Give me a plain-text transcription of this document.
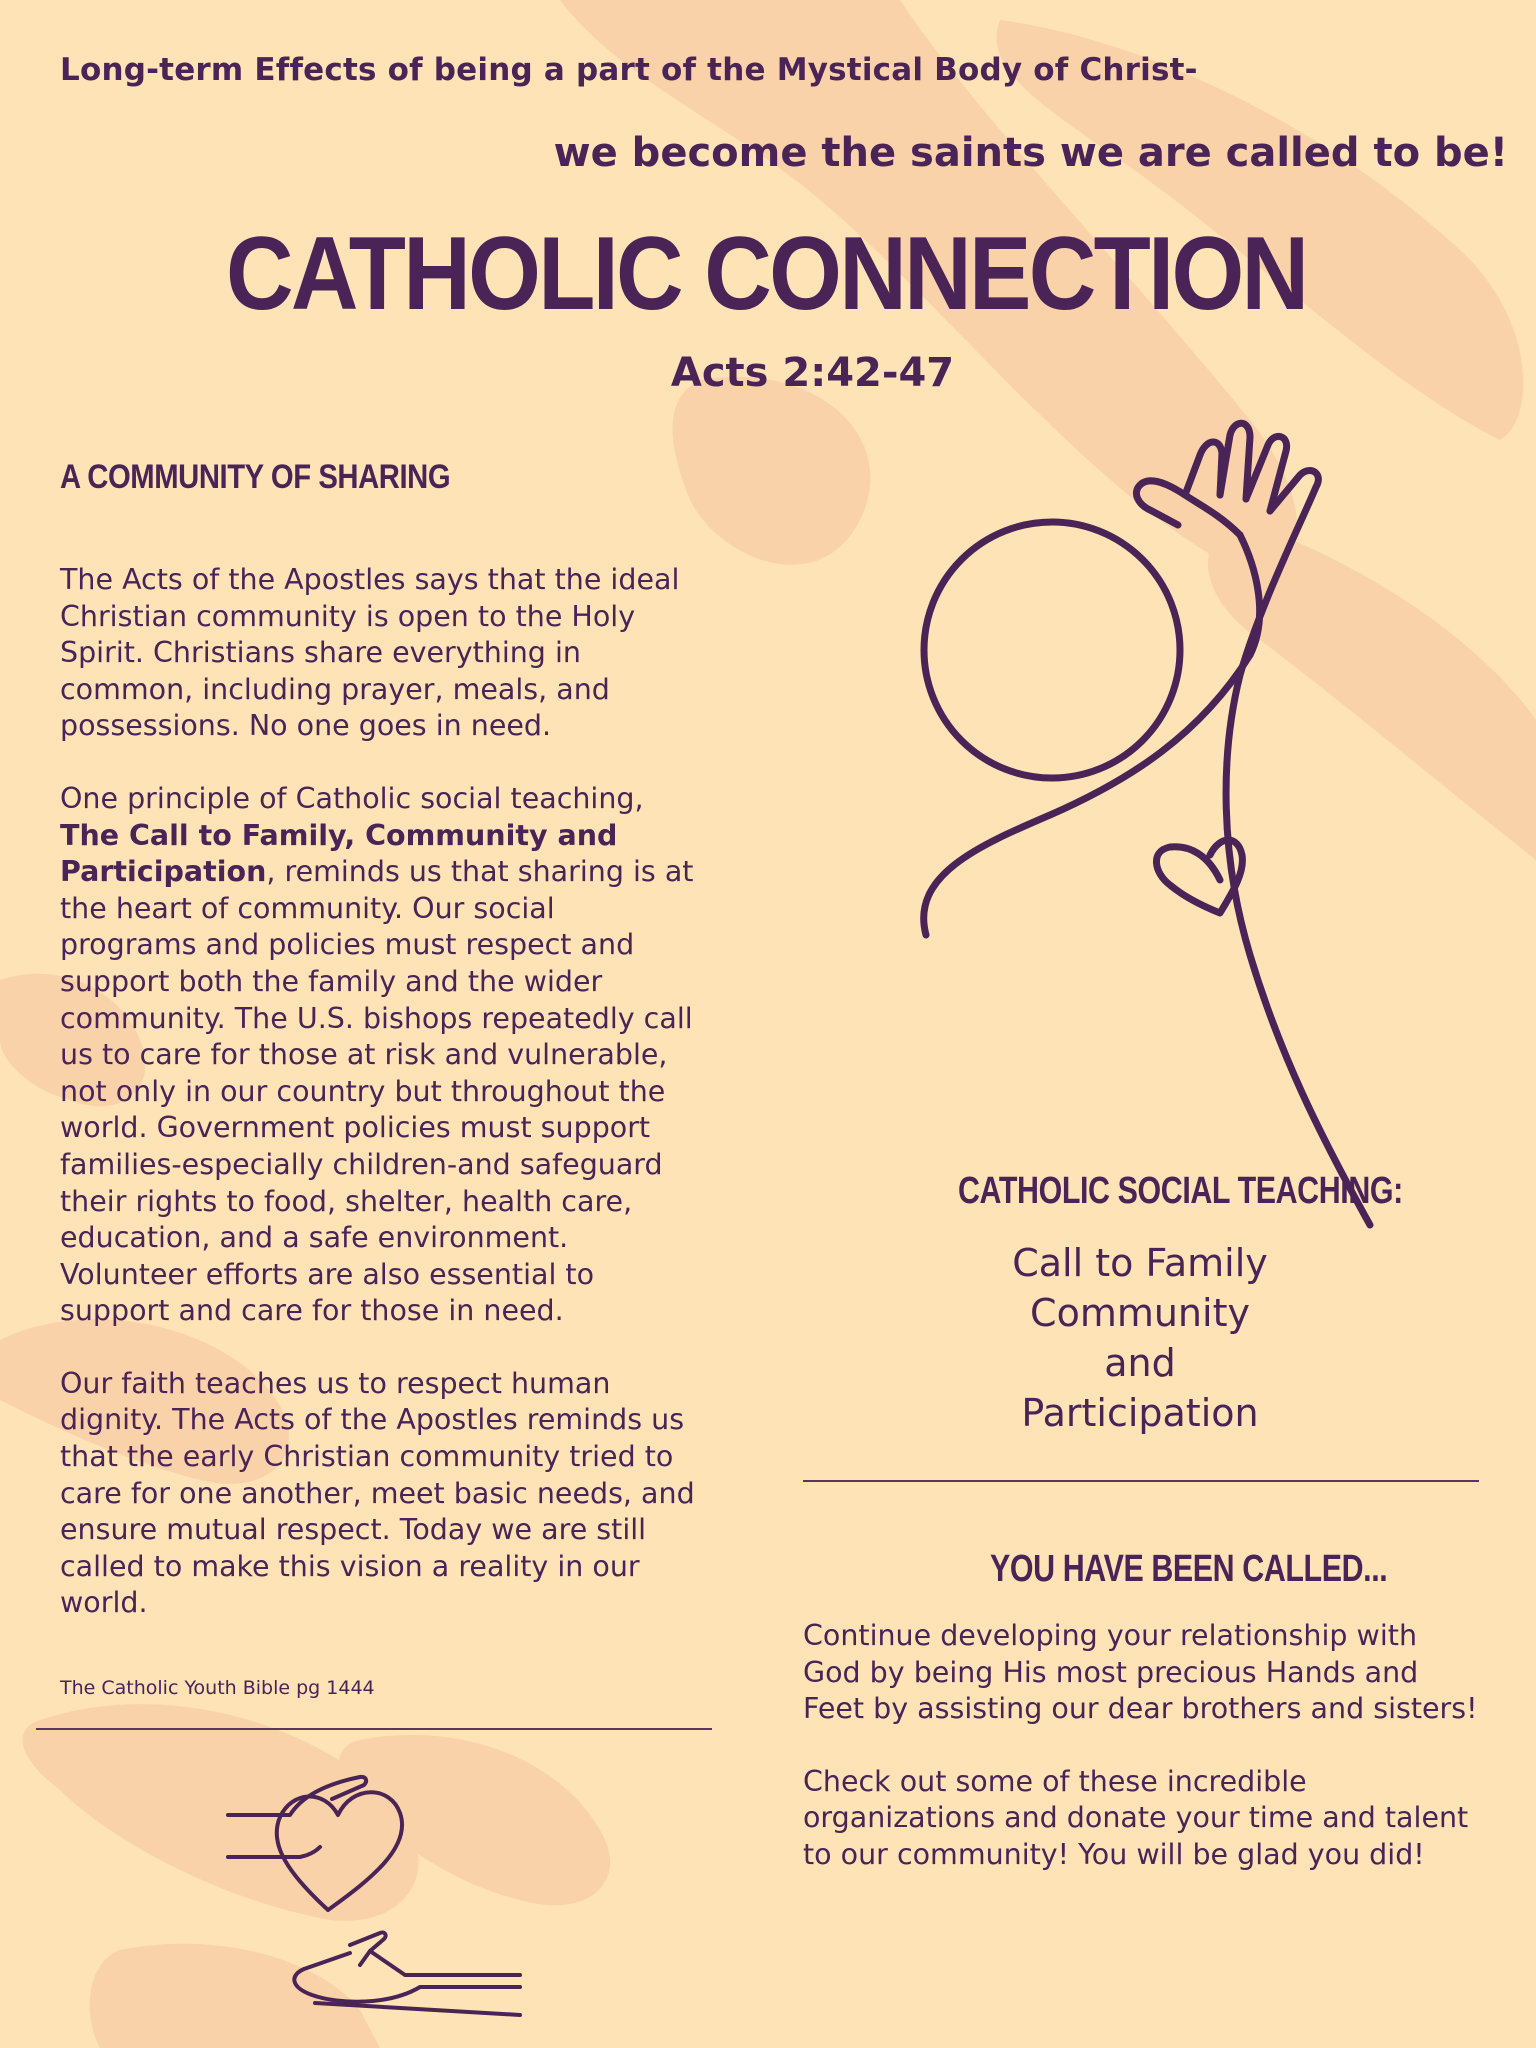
Long-term Effects of being a part of the Mystical Body of Christ-
we become the saints we are called to be!
CATHOLIC CONNECTION
Acts 2:42-47
A COMMUNITY OF SHARING

The Acts of the Apostles says that the ideal Christian community is open to the Holy Spirit. Christians share everything in common, including prayer, meals, and possessions. No one goes in need.

One principle of Catholic social teaching, The Call to Family, Community and Participation, reminds us that sharing is at the heart of community. Our social programs and policies must respect and support both the family and the wider community. The U.S. bishops repeatedly call us to care for those at risk and vulnerable, not only in our country but throughout the world. Government policies must support families-especially children-and safeguard their rights to food, shelter, health care, education, and a safe environment. Volunteer efforts are also essential to support and care for those in need.

Our faith teaches us to respect human dignity. The Acts of the Apostles reminds us that the early Christian community tried to care for one another, meet basic needs, and ensure mutual respect. Today we are still called to make this vision a reality in our world.

The Catholic Youth Bible pg 1444
CATHOLIC SOCIAL TEACHING:
Call to Family
Community
and
Participation
YOU HAVE BEEN CALLED...

Continue developing your relationship with God by being His most precious Hands and Feet by assisting our dear brothers and sisters!

Check out some of these incredible organizations and donate your time and talent to our community! You will be glad you did!
